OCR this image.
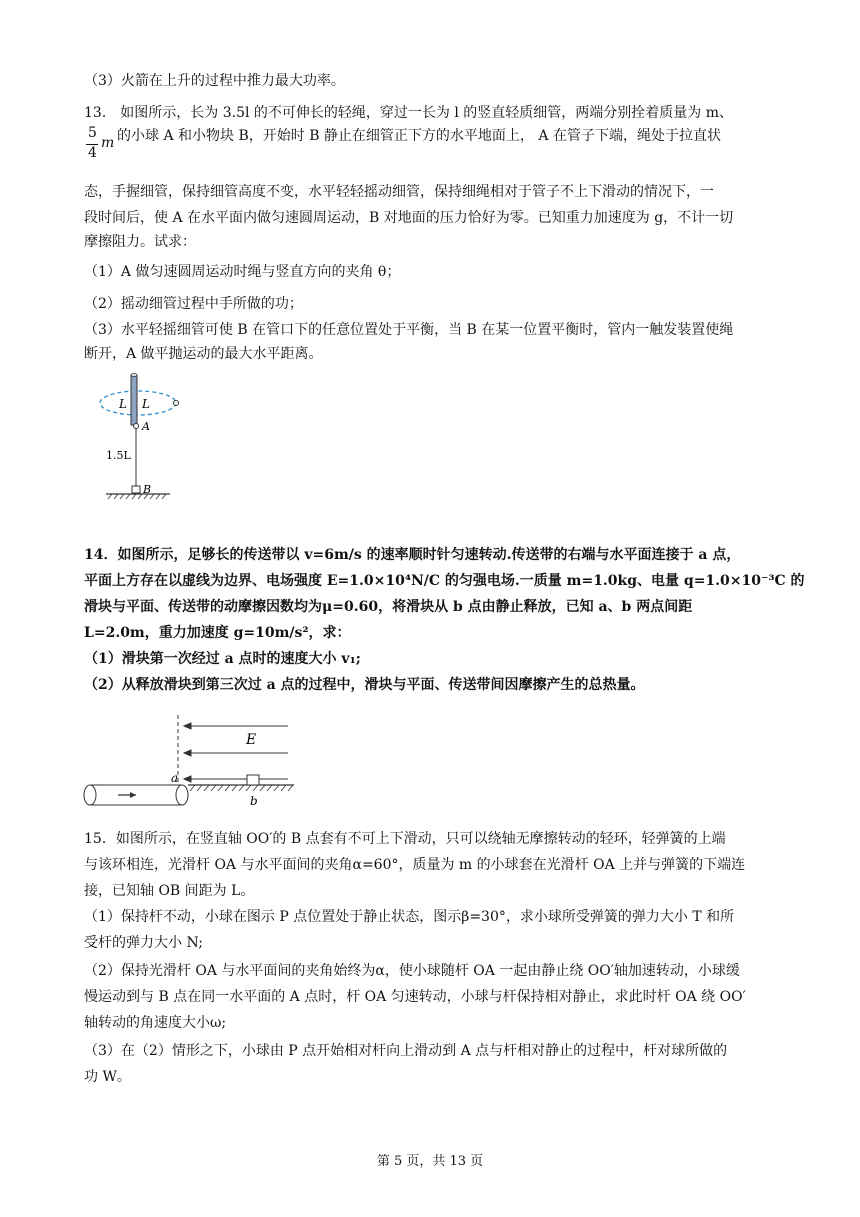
（3）火箭在上升的过程中推力最大功率。
13． 如图所示，长为 3.5l 的不可伸长的轻绳，穿过一长为 l 的竖直轻质细管，两端分别拴着质量为 m、
5
4
m 的小球 A 和小物块 B，开始时 B 静止在细管正下方的水平地面上， A 在管子下端，绳处于拉直状
态，手握细管，保持细管高度不变，水平轻轻摇动细管，保持细绳相对于管子不上下滑动的情况下，一
段时间后，使 A 在水平面内做匀速圆周运动，B 对地面的压力恰好为零。已知重力加速度为 g，不计一切
摩擦阻力。试求：
（1）A 做匀速圆周运动时绳与竖直方向的夹角 θ；
（2）摇动细管过程中手所做的功；
（3）水平轻摇细管可使 B 在管口下的任意位置处于平衡，当 B 在某一位置平衡时，管内一触发装置使绳
断开，A 做平抛运动的最大水平距离。
L L
A
1.5L
B
14．如图所示，足够长的传送带以 v=6m/s 的速率顺时针匀速转动.传送带的右端与水平面连接于 a 点，
平面上方存在以虚线为边界、电场强度 E=1.0×10⁴N/C 的匀强电场.一质量 m=1.0kg、电量 q=1.0×10⁻³C 的
滑块与平面、传送带的动摩擦因数均为μ=0.60，将滑块从 b 点由静止释放，已知 a、b 两点间距
L=2.0m，重力加速度 g=10m/s²，求：
（1）滑块第一次经过 a 点时的速度大小 v₁;
（2）从释放滑块到第三次过 a 点的过程中，滑块与平面、传送带间因摩擦产生的总热量。
E
a
b
15．如图所示，在竖直轴 OO′的 B 点套有不可上下滑动，只可以绕轴无摩擦转动的轻环，轻弹簧的上端
与该环相连，光滑杆 OA 与水平面间的夹角α=60°，质量为 m 的小球套在光滑杆 OA 上并与弹簧的下端连
接，已知轴 OB 间距为 L。
（1）保持杆不动，小球在图示 P 点位置处于静止状态，图示β=30°，求小球所受弹簧的弹力大小 T 和所
受杆的弹力大小 N;
（2）保持光滑杆 OA 与水平面间的夹角始终为α，使小球随杆 OA 一起由静止绕 OO′轴加速转动，小球缓
慢运动到与 B 点在同一水平面的 A 点时，杆 OA 匀速转动，小球与杆保持相对静止，求此时杆 OA 绕 OO′
轴转动的角速度大小ω;
（3）在（2）情形之下，小球由 P 点开始相对杆向上滑动到 A 点与杆相对静止的过程中，杆对球所做的
功 W。
第 5 页，共 13 页
